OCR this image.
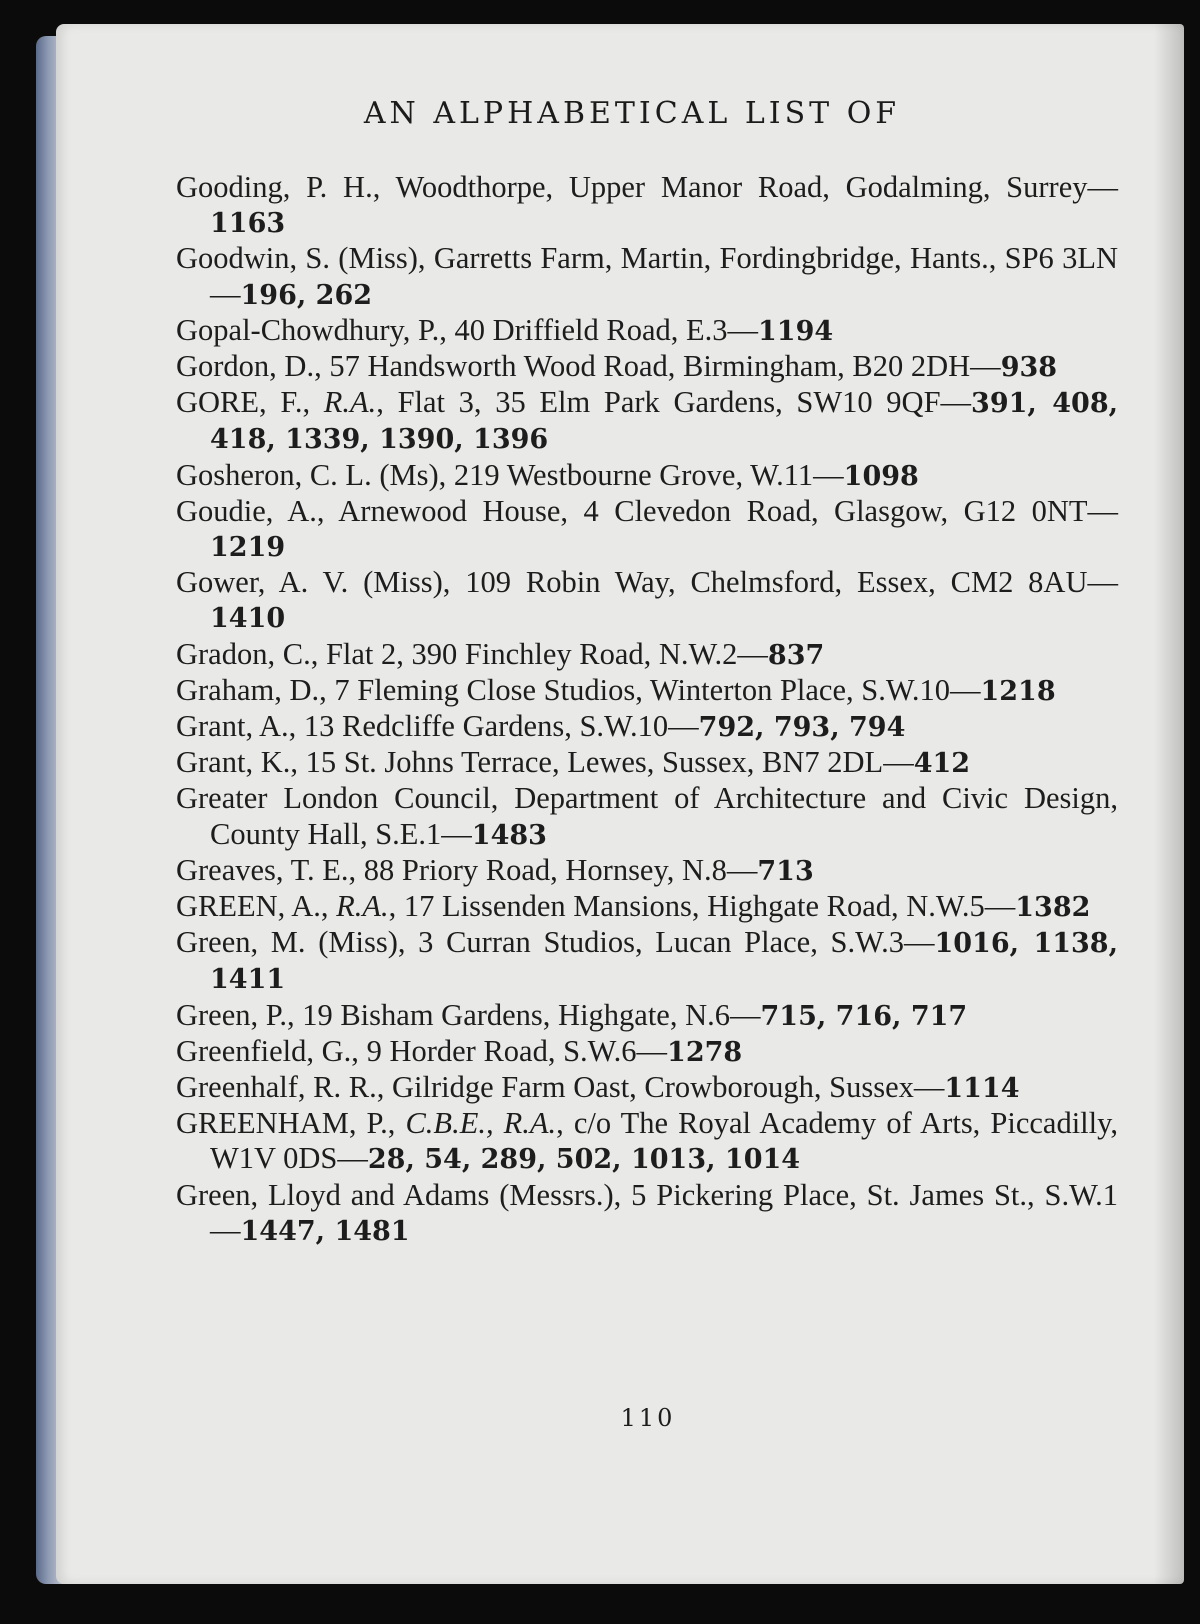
AN ALPHABETICAL LIST OF
Gooding, P. H., Woodthorpe, Upper Manor Road, Godalming, Surrey—1163
Goodwin, S. (Miss), Garretts Farm, Martin, Fordingbridge, Hants., SP6 3LN—196, 262
Gopal-Chowdhury, P., 40 Driffield Road, E.3—1194
Gordon, D., 57 Handsworth Wood Road, Birmingham, B20 2DH—938
GORE, F., R.A., Flat 3, 35 Elm Park Gardens, SW10 9QF—391, 408, 418, 1339, 1390, 1396
Gosheron, C. L. (Ms), 219 Westbourne Grove, W.11—1098
Goudie, A., Arnewood House, 4 Clevedon Road, Glasgow, G12 0NT—1219
Gower, A. V. (Miss), 109 Robin Way, Chelmsford, Essex, CM2 8AU—1410
Gradon, C., Flat 2, 390 Finchley Road, N.W.2—837
Graham, D., 7 Fleming Close Studios, Winterton Place, S.W.10—1218
Grant, A., 13 Redcliffe Gardens, S.W.10—792, 793, 794
Grant, K., 15 St. Johns Terrace, Lewes, Sussex, BN7 2DL—412
Greater London Council, Department of Architecture and Civic Design, County Hall, S.E.1—1483
Greaves, T. E., 88 Priory Road, Hornsey, N.8—713
GREEN, A., R.A., 17 Lissenden Mansions, Highgate Road, N.W.5—1382
Green, M. (Miss), 3 Curran Studios, Lucan Place, S.W.3—1016, 1138, 1411
Green, P., 19 Bisham Gardens, Highgate, N.6—715, 716, 717
Greenfield, G., 9 Horder Road, S.W.6—1278
Greenhalf, R. R., Gilridge Farm Oast, Crowborough, Sussex—1114
GREENHAM, P., C.B.E., R.A., c/o The Royal Academy of Arts, Piccadilly, W1V 0DS—28, 54, 289, 502, 1013, 1014
Green, Lloyd and Adams (Messrs.), 5 Pickering Place, St. James St., S.W.1—1447, 1481
110
